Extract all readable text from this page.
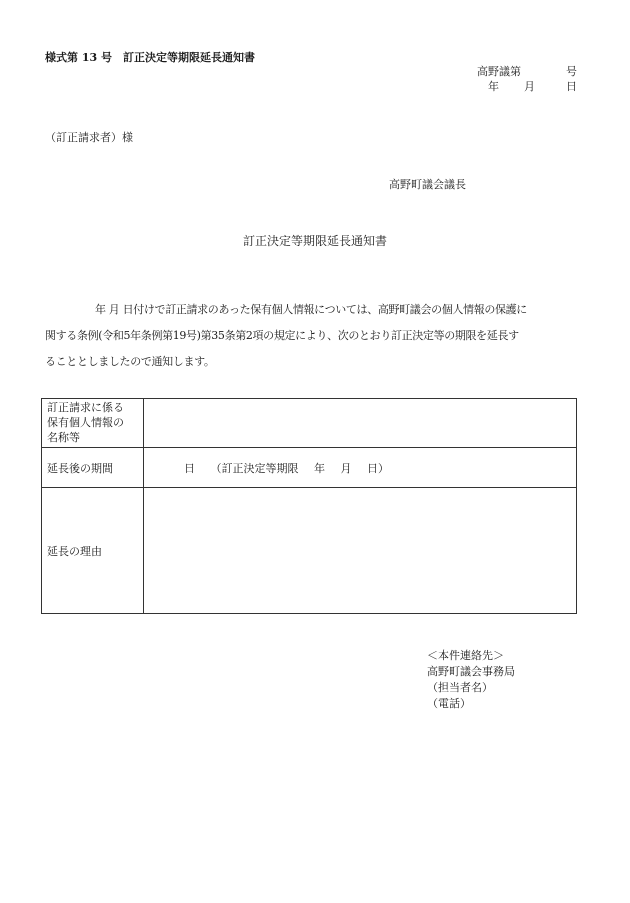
様式第 13 号　訂正決定等期限延長通知書
高野議第	号
年 月	日
（訂正請求者）様
高野町議会議長
訂正決定等期限延長通知書

年 月 日付けで訂正請求のあった保有個人情報については、高野町議会の個人情報の保護に

関する条例(令和5年条例第19号)第35条第2項の規定により、次のとおり訂正決定等の期限を延長す

ることとしましたので通知します。

訂正請求に係る
保有個人情報の
名称等	

延長後の期間	日 （訂正決定等期限 年 月 日）
延長の理由	
＜本件連絡先＞
高野町議会事務局
（担当者名）
（電話）
